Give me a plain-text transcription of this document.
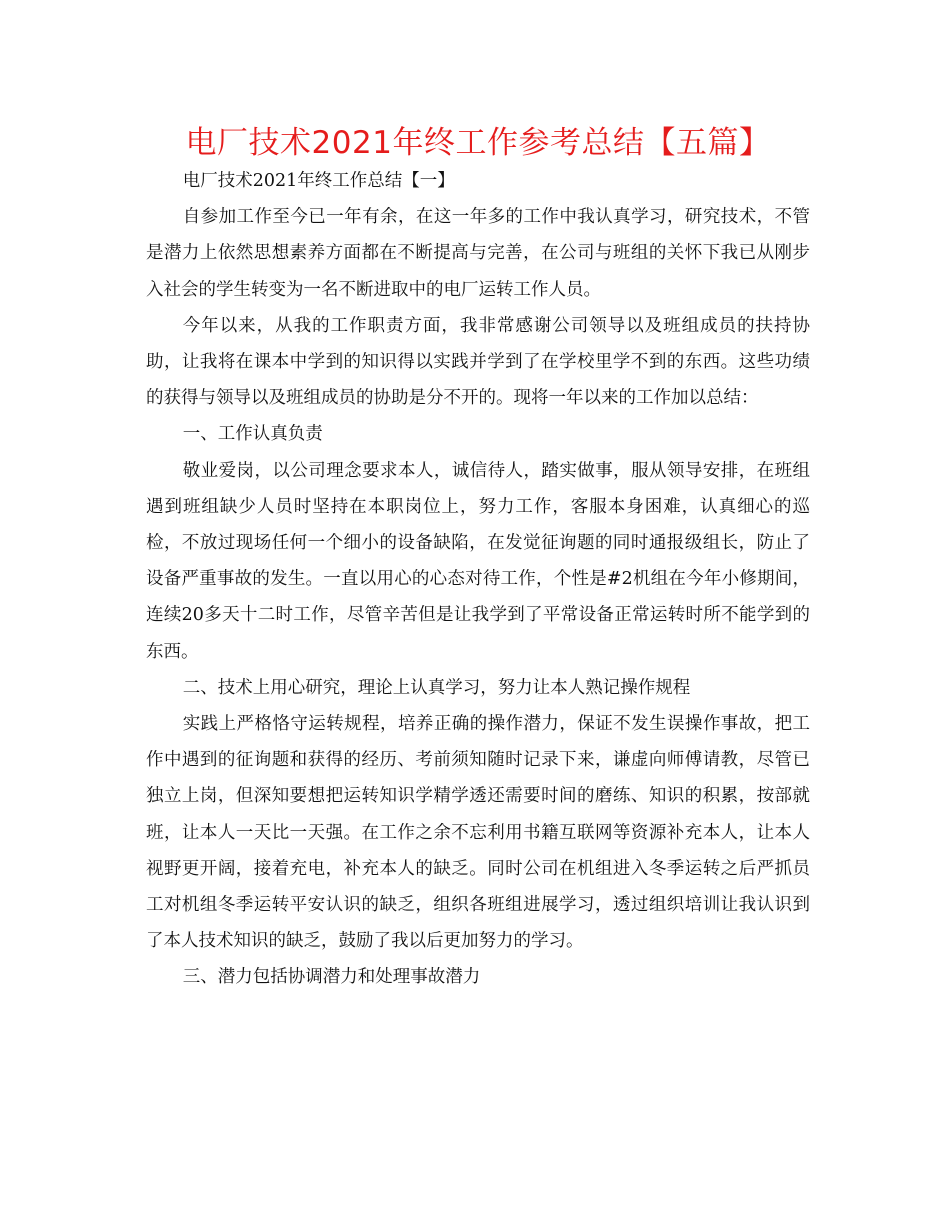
电厂技术2021年终工作参考总结【五篇】

电厂技术2021年终工作总结【一】

自参加工作至今已一年有余，在这一年多的工作中我认真学习，研究技术，不管是潜力上依然思想素养方面都在不断提高与完善，在公司与班组的关怀下我已从刚步入社会的学生转变为一名不断进取中的电厂运转工作人员。

今年以来，从我的工作职责方面，我非常感谢公司领导以及班组成员的扶持协助，让我将在课本中学到的知识得以实践并学到了在学校里学不到的东西。这些功绩的获得与领导以及班组成员的协助是分不开的。现将一年以来的工作加以总结：

一、工作认真负责

敬业爱岗，以公司理念要求本人，诚信待人，踏实做事，服从领导安排，在班组遇到班组缺少人员时坚持在本职岗位上，努力工作，客服本身困难，认真细心的巡检，不放过现场任何一个细小的设备缺陷，在发觉征询题的同时通报级组长，防止了设备严重事故的发生。一直以用心的心态对待工作，个性是#2机组在今年小修期间，连续20多天十二时工作，尽管辛苦但是让我学到了平常设备正常运转时所不能学到的东西。

二、技术上用心研究，理论上认真学习，努力让本人熟记操作规程

实践上严格恪守运转规程，培养正确的操作潜力，保证不发生误操作事故，把工作中遇到的征询题和获得的经历、考前须知随时记录下来，谦虚向师傅请教，尽管已独立上岗，但深知要想把运转知识学精学透还需要时间的磨练、知识的积累，按部就班，让本人一天比一天强。在工作之余不忘利用书籍互联网等资源补充本人，让本人视野更开阔，接着充电，补充本人的缺乏。同时公司在机组进入冬季运转之后严抓员工对机组冬季运转平安认识的缺乏，组织各班组进展学习，透过组织培训让我认识到了本人技术知识的缺乏，鼓励了我以后更加努力的学习。

三、潜力包括协调潜力和处理事故潜力
